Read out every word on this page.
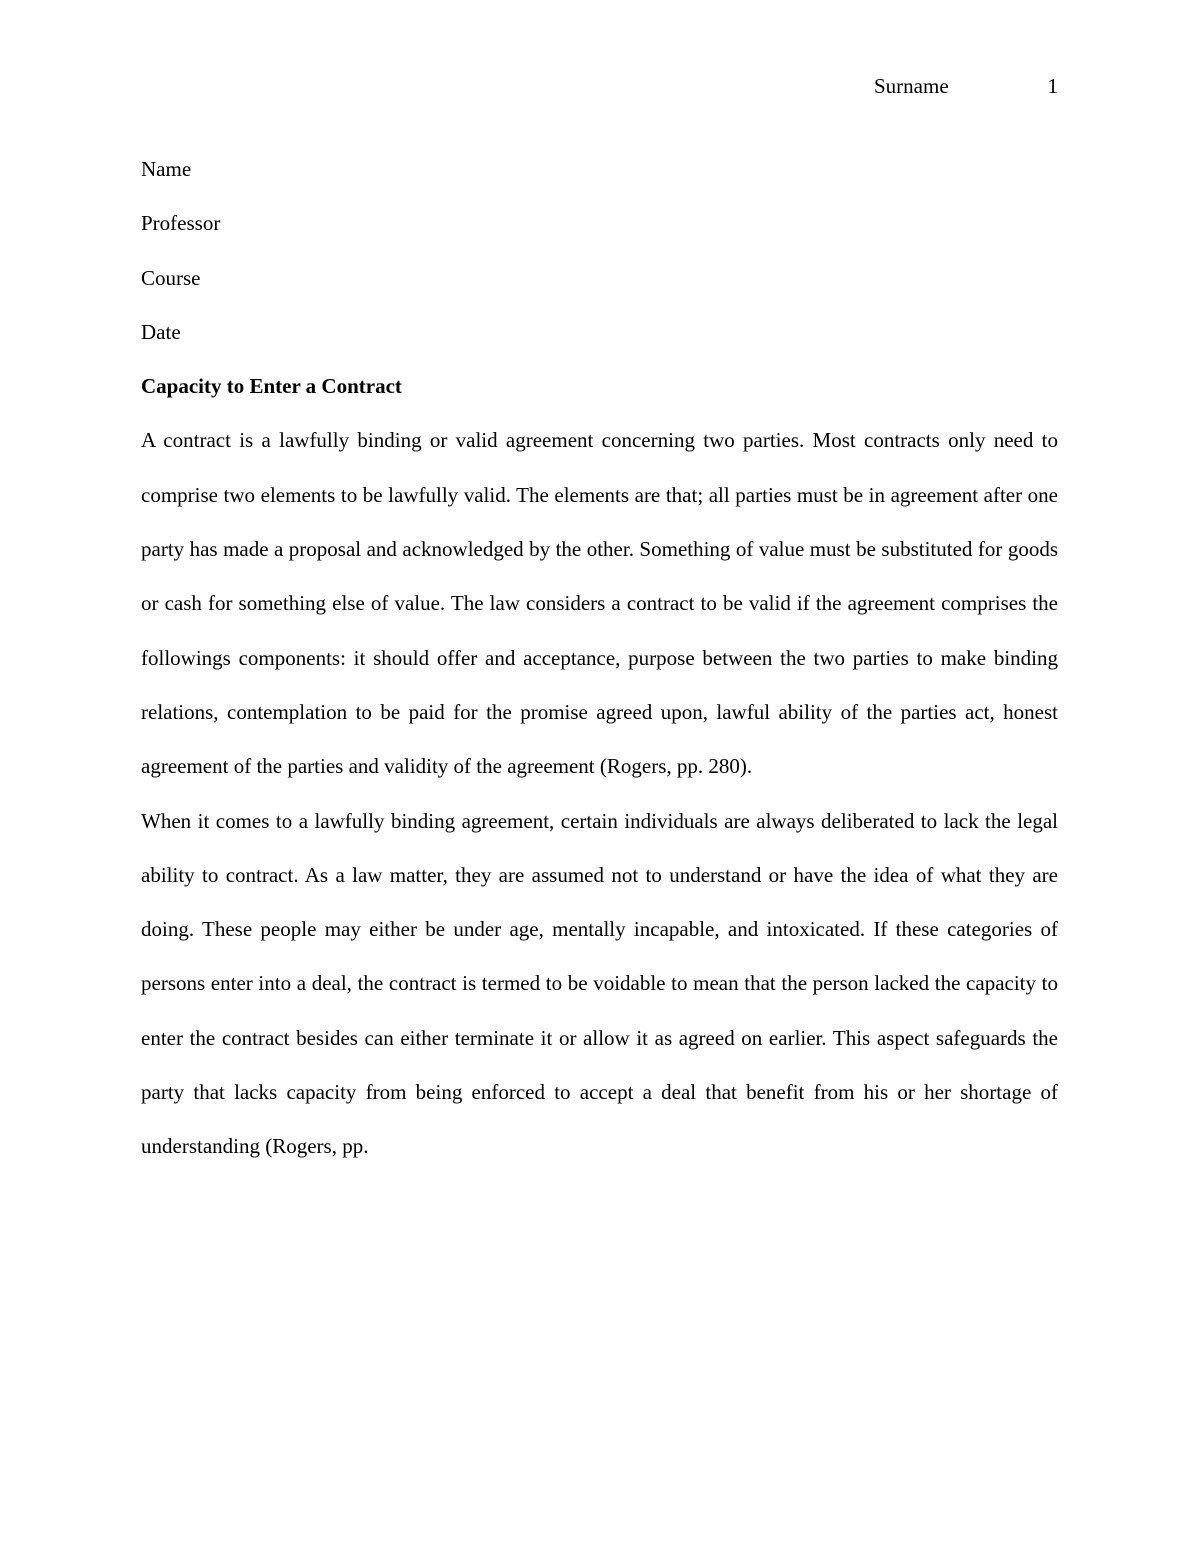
Surname	1

Name

Professor

Course

Date

Capacity to Enter a Contract

A contract is a lawfully binding or valid agreement concerning two parties. Most contracts only need to comprise two elements to be lawfully valid. The elements are that; all parties must be in agreement after one party has made a proposal and acknowledged by the other. Something of value must be substituted for goods or cash for something else of value. The law considers a contract to be valid if the agreement comprises the followings components: it should offer and acceptance, purpose between the two parties to make binding relations, contemplation to be paid for the promise agreed upon, lawful ability of the parties act, honest agreement of the parties and validity of the agreement (Rogers, pp. 280).

When it comes to a lawfully binding agreement, certain individuals are always deliberated to lack the legal ability to contract. As a law matter, they are assumed not to understand or have the idea of what they are doing. These people may either be under age, mentally incapable, and intoxicated. If these categories of persons enter into a deal, the contract is termed to be voidable to mean that the person lacked the capacity to enter the contract besides can either terminate it or allow it as agreed on earlier. This aspect safeguards the party that lacks capacity from being enforced to accept a deal that benefit from his or her shortage of understanding (Rogers, pp.
